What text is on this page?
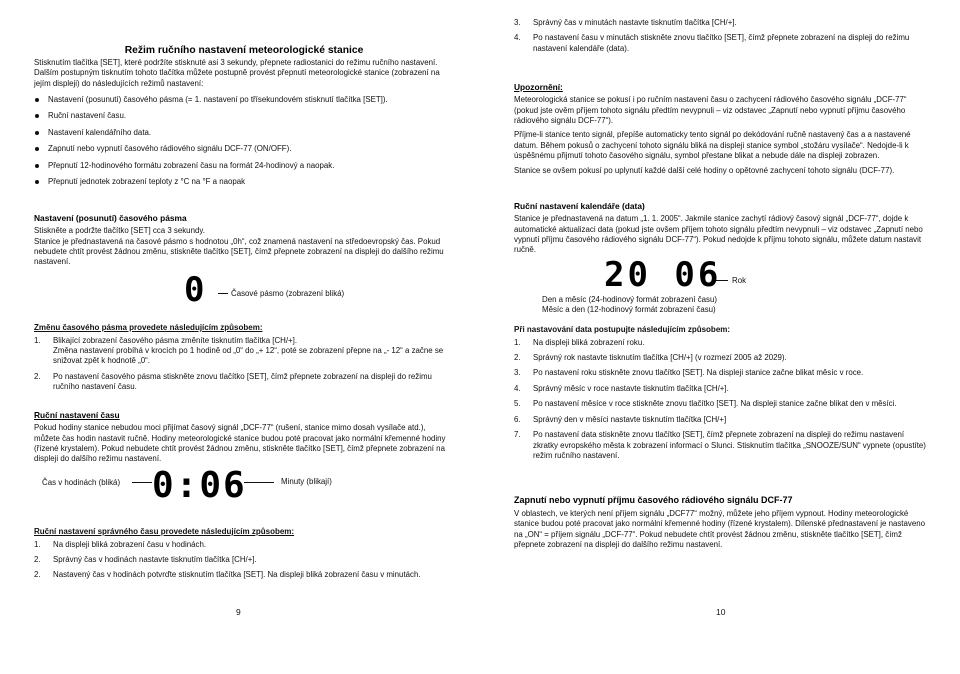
Režim ručního nastavení meteorologické stanice

Stisknutím tlačítka [SET], které podržíte stisknuté asi 3 sekundy, přepnete radiostanici do režimu ručního nastavení. Dalším postupným tisknutím tohoto tlačítka můžete postupně provést přepnutí meteorologické stanice (zobrazení na jejím displeji) do následujících režimů nastavení:

Nastavení (posunutí) časového pásma (= 1. nastavení po třísekundovém stisknutí tlačítka [SET]).
Ruční nastavení času.
Nastavení kalendářního data.
Zapnutí nebo vypnutí časového rádiového signálu DCF-77 (ON/OFF).
Přepnutí 12-hodinového formátu zobrazení času na formát 24-hodinový a naopak.
Přepnutí jednotek zobrazení teploty z °C na °F a naopak
Nastavení (posunutí) časového pásma

Stiskněte a podržte tlačítko [SET] cca 3 sekundy.

Stanice je přednastavená na časové pásmo s hodnotou „0h“, což znamená nastavení na středoevropský čas. Pokud nebudete chtít provést žádnou změnu, stiskněte tlačítko [SET], čímž přepnete zobrazení na displeji do dalšího režimu nastavení.

0	Časové pásmo (zobrazení bliká)
Změnu časového pásma provedete následujícím způsobem:
1.	Blikající zobrazení časového pásma změníte tisknutím tlačítka [CH/+].
Změna nastavení probíhá v krocích po 1 hodině od „0“ do „+ 12“, poté se zobrazení přepne na „- 12“ a začne se snižovat zpět k hodnotě „0“.
2.	Po nastavení časového pásma stiskněte znovu tlačítko [SET], čímž přepnete zobrazení na displeji do režimu ručního nastavení času.
Ruční nastavení času

Pokud hodiny stanice nebudou moci přijímat časový signál „DCF-77“ (rušení, stanice mimo dosah vysílače atd.), můžete čas hodin nastavit ručně. Hodiny meteorologické stanice budou poté pracovat jako normální křemenné hodiny (řízené krystalem). Pokud nebudete chtít provést žádnou změnu, stiskněte tlačítko [SET], čímž přepnete zobrazení na displeji do dalšího režimu nastavení.

Čas v hodinách (bliká) 0:06	Minuty (blikají)
Ruční nastavení správného času provedete následujícím způsobem:
1.	Na displeji bliká zobrazení času v hodinách.
2.	Správný čas v hodinách nastavte tisknutím tlačítka [CH/+].
2.	Nastavený čas v hodinách potvrďte stisknutím tlačítka [SET]. Na displeji bliká zobrazení času v minutách.
9
3.	Správný čas v minutách nastavte tisknutím tlačítka [CH/+].
4.	Po nastavení času v minutách stiskněte znovu tlačítko [SET], čímž přepnete zobrazení na displeji do režimu nastavení kalendáře (data).
Upozornění:

Meteorologická stanice se pokusí i po ručním nastavení času o zachycení rádiového časového signálu „DCF-77“ (pokud jste ověm příjem tohoto signálu předtím nevypnuli – viz odstavec „Zapnutí nebo vypnutí příjmu časového rádiového signálu DCF-77“).

Příjme-li stanice tento signál, přepíše automaticky tento signál po dekódování ručně nastavený čas a a nastavené datum. Během pokusů o zachycení tohoto signálu bliká na displeji stanice symbol „stožáru vysílače“. Nedojde-li k úspěšnému přijmutí tohoto časového signálu, symbol přestane blikat a nebude dále na displeji zobrazen.

Stanice se ovšem pokusí po uplynutí každé další celé hodiny o opětovné zachycení tohoto signálu (DCF-77).

Ruční nastavení kalendáře (data)

Stanice je přednastavená na datum „1. 1. 2005“. Jakmile stanice zachytí rádiový časový signál „DCF-77“, dojde k automatické aktualizaci data (pokud jste ovšem příjem tohoto signálu předtím nevypnuli – viz odstavec „Zapnutí nebo vypnutí příjmu časového rádiového signálu DCF-77“). Pokud nedojde k příjmu tohoto signálu, můžete datum nastavit ručně.

20 06 Rok
Den a měsíc (24-hodinový formát zobrazení času)
Měsíc a den (12-hodinový formát zobrazení času)
Při nastavování data postupujte následujícím způsobem:
1.	Na displeji bliká zobrazení roku.
2.	Správný rok nastavte tisknutím tlačítka [CH/+] (v rozmezí 2005 až 2029).
3.	Po nastavení roku stiskněte znovu tlačítko [SET]. Na displeji stanice začne blikat měsíc v roce.
4.	Správný měsíc v roce nastavte tisknutím tlačítka [CH/+].
5.	Po nastavení měsíce v roce stiskněte znovu tlačítko [SET]. Na displeji stanice začne blikat den v měsíci.
6.	Správný den v měsíci nastavte tisknutím tlačítka [CH/+]
7.	Po nastavení data stiskněte znovu tlačítko [SET], čímž přepnete zobrazení na displeji do režimu nastavení zkratky evropského města k zobrazení informací o Slunci. Stisknutím tlačítka „SNOOZE/SUN“ vypnete (opustíte) režim ručního nastavení.
Zapnutí nebo vypnutí příjmu časového rádiového signálu DCF-77

V oblastech, ve kterých není příjem signálu „DCF77“ možný, můžete jeho příjem vypnout. Hodiny meteorologické stanice budou poté pracovat jako normální křemenné hodiny (řízené krystalem). Dílenské přednastavení je nastaveno na „ON“ = příjem signálu „DCF-77“. Pokud nebudete chtít provést žádnou změnu, stiskněte tlačítko [SET], čímž přepnete zobrazení na displeji do dalšího režimu nastavení.

10
